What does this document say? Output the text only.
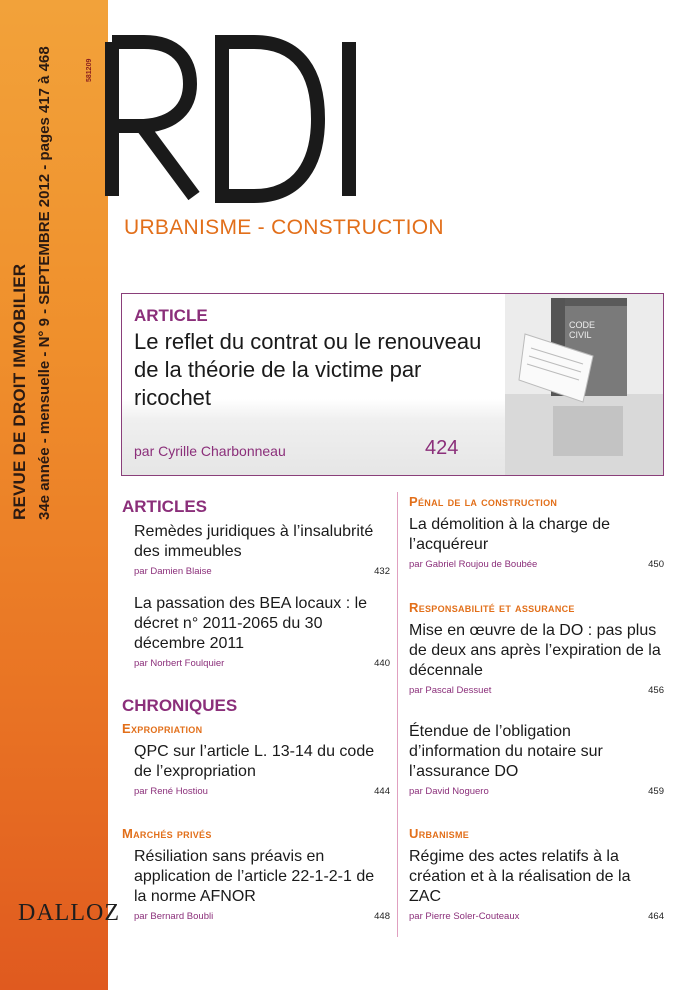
REVUE DE DROIT IMMOBILIER 34e année - mensuelle - N° 9 - SEPTEMBRE 2012 - pages 417 à 468	581209
DALLOZ
URBANISME - CONSTRUCTION
CODE
CIVIL
ARTICLE
Le reflet du contrat ou le renouveau de la théorie de la victime par ricochet
par Cyrille Charbonneau	424
ARTICLES
Remèdes juridiques à l’insalubrité des immeubles
par Damien Blaise	432
La passation des BEA locaux : le décret n° 2011-2065 du 30 décembre 2011
par Norbert Foulquier	440
CHRONIQUES
Expropriation
QPC sur l’article L. 13-14 du code de l’expropriation
par René Hostiou	444
Marchés privés
Résiliation sans préavis en application de l’article 22-1-2-1 de la norme AFNOR
par Bernard Boubli	448
Pénal de la construction
La démolition à la charge de l’acquéreur
par Gabriel Roujou de Boubée	450
Responsabilité et assurance
Mise en œuvre de la DO : pas plus de deux ans après l’expiration de la décennale
par Pascal Dessuet	456
Étendue de l’obligation d’information du notaire sur l’assurance DO
par David Noguero	459
Urbanisme
Régime des actes relatifs à la création et à la réalisation de la ZAC
par Pierre Soler-Couteaux	464
